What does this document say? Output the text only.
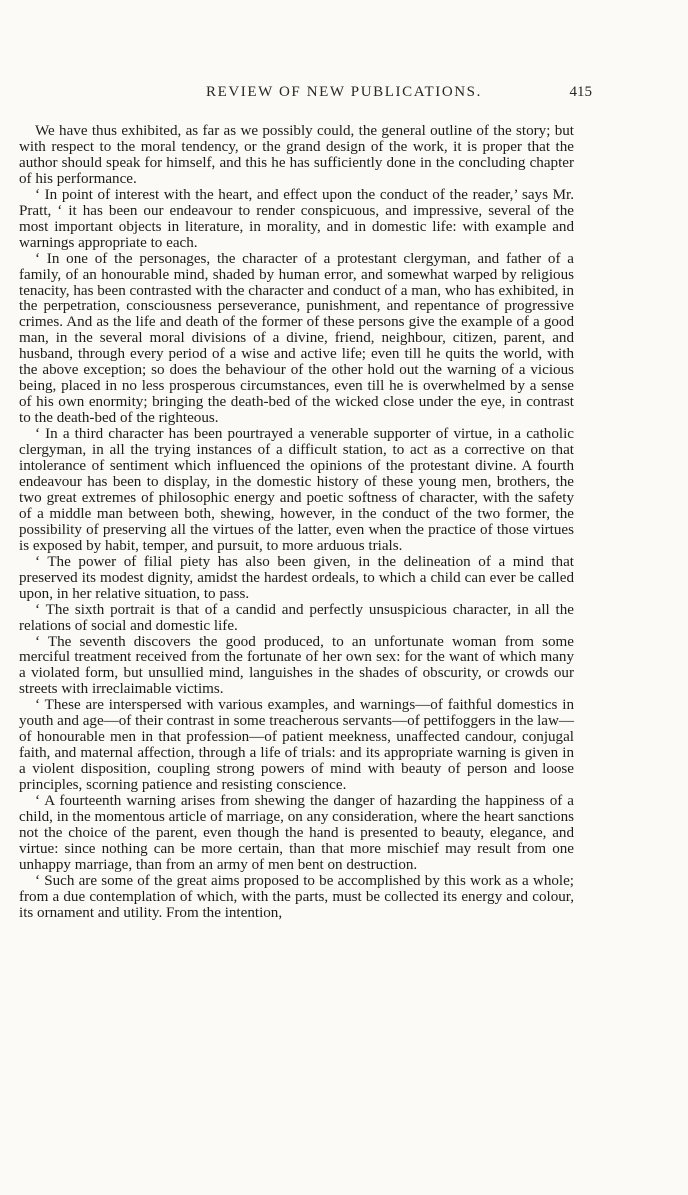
REVIEW OF NEW PUBLICATIONS.	415

We have thus exhibited, as far as we possibly could, the general outline of the story; but with respect to the moral tendency, or the grand design of the work, it is proper that the author should speak for himself, and this he has sufficiently done in the concluding chapter of his performance.

‘ In point of interest with the heart, and effect upon the conduct of the reader,’ says Mr. Pratt, ‘ it has been our endeavour to render conspicuous, and impressive, several of the most important objects in literature, in morality, and in domestic life: with example and warnings appropriate to each.

‘ In one of the personages, the character of a protestant clergyman, and father of a family, of an honourable mind, shaded by human error, and somewhat warped by religious tenacity, has been contrasted with the character and conduct of a man, who has exhibited, in the perpetration, consciousness perseverance, punishment, and repentance of progressive crimes. And as the life and death of the former of these persons give the example of a good man, in the several moral divisions of a divine, friend, neighbour, citizen, parent, and husband, through every period of a wise and active life; even till he quits the world, with the above exception; so does the behaviour of the other hold out the warning of a vicious being, placed in no less prosperous circumstances, even till he is overwhelmed by a sense of his own enormity; bringing the death-bed of the wicked close under the eye, in contrast to the death-bed of the righteous.

‘ In a third character has been pourtrayed a venerable supporter of virtue, in a catholic clergyman, in all the trying instances of a difficult station, to act as a corrective on that intolerance of sentiment which influenced the opinions of the protestant divine. A fourth endeavour has been to display, in the domestic history of these young men, brothers, the two great extremes of philosophic energy and poetic softness of character, with the safety of a middle man between both, shewing, however, in the conduct of the two former, the possibility of preserving all the virtues of the latter, even when the practice of those virtues is exposed by habit, temper, and pursuit, to more arduous trials.

‘ The power of filial piety has also been given, in the delineation of a mind that preserved its modest dignity, amidst the hardest ordeals, to which a child can ever be called upon, in her relative situation, to pass.

‘ The sixth portrait is that of a candid and perfectly unsuspicious character, in all the relations of social and domestic life.

‘ The seventh discovers the good produced, to an unfortunate woman from some merciful treatment received from the fortunate of her own sex: for the want of which many a violated form, but unsullied mind, languishes in the shades of obscurity, or crowds our streets with irreclaimable victims.

‘ These are interspersed with various examples, and warnings—of faithful domestics in youth and age—of their contrast in some treacherous servants—of pettifoggers in the law—of honourable men in that profession—of patient meekness, unaffected candour, conjugal faith, and maternal affection, through a life of trials: and its appropriate warning is given in a violent disposition, coupling strong powers of mind with beauty of person and loose principles, scorning patience and resisting conscience.

‘ A fourteenth warning arises from shewing the danger of hazarding the happiness of a child, in the momentous article of marriage, on any consideration, where the heart sanctions not the choice of the parent, even though the hand is presented to beauty, elegance, and virtue: since nothing can be more certain, than that more mischief may result from one unhappy marriage, than from an army of men bent on destruction.

‘ Such are some of the great aims proposed to be accomplished by this work as a whole; from a due contemplation of which, with the parts, must be collected its energy and colour, its ornament and utility. From the intention,
